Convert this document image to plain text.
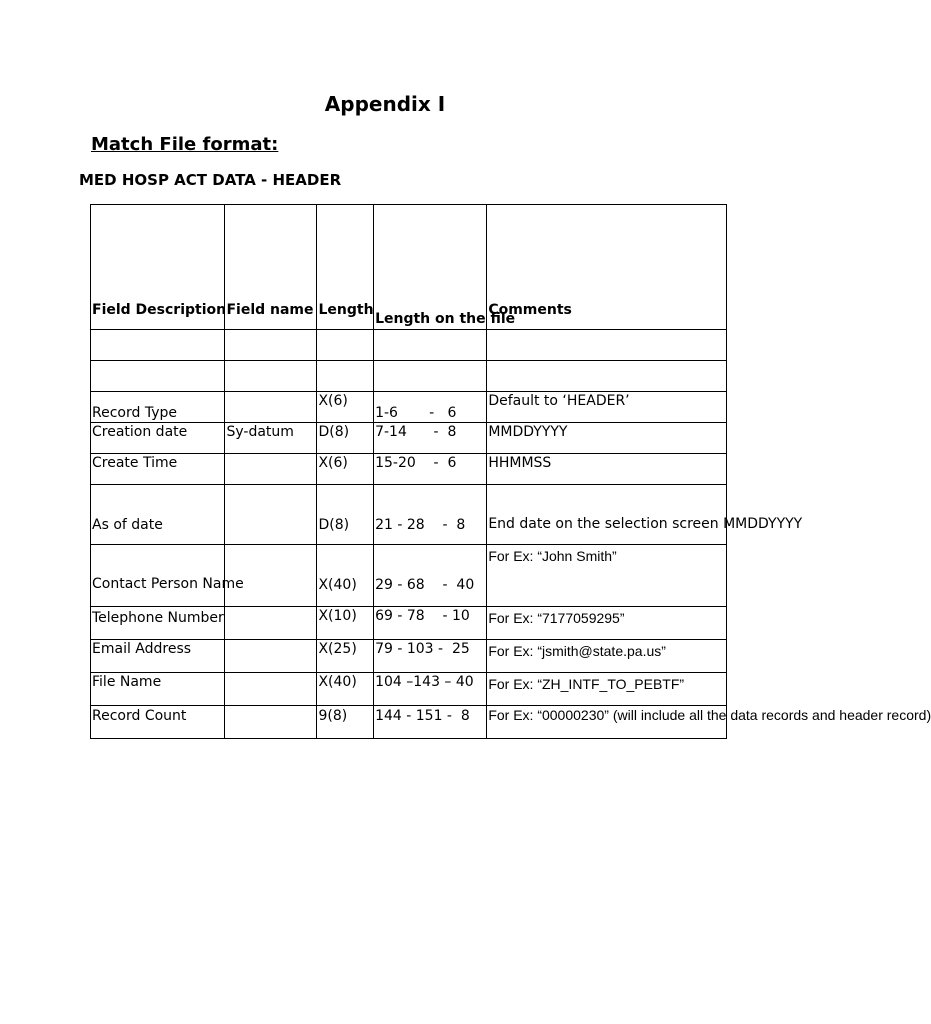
Appendix I
Match File format:
MED HOSP ACT DATA - HEADER
Field Description	Field name	Length	Length on the file	Comments

Record Type		X(6)	1-6       -   6	Default to ‘HEADER’
Creation date	Sy-datum	D(8)	7-14      -  8	MMDDYYYY
Create Time		X(6)	15-20    -  6	HHMMSS
As of date		D(8)	21 - 28    -  8	End date on the selection screen MMDDYYYY
Contact Person Name		X(40)	29 - 68    -  40	For Ex: “John Smith”
Telephone Number		X(10)	69 - 78    - 10	For Ex: “7177059295”
Email Address		X(25)	79 - 103 -  25	For Ex: “jsmith@state.pa.us”
File Name		X(40)	104 –143 – 40	For Ex: “ZH_INTF_TO_PEBTF”
Record Count		9(8)	144 - 151 -  8	For Ex: “00000230” (will include all the data records and header record)
